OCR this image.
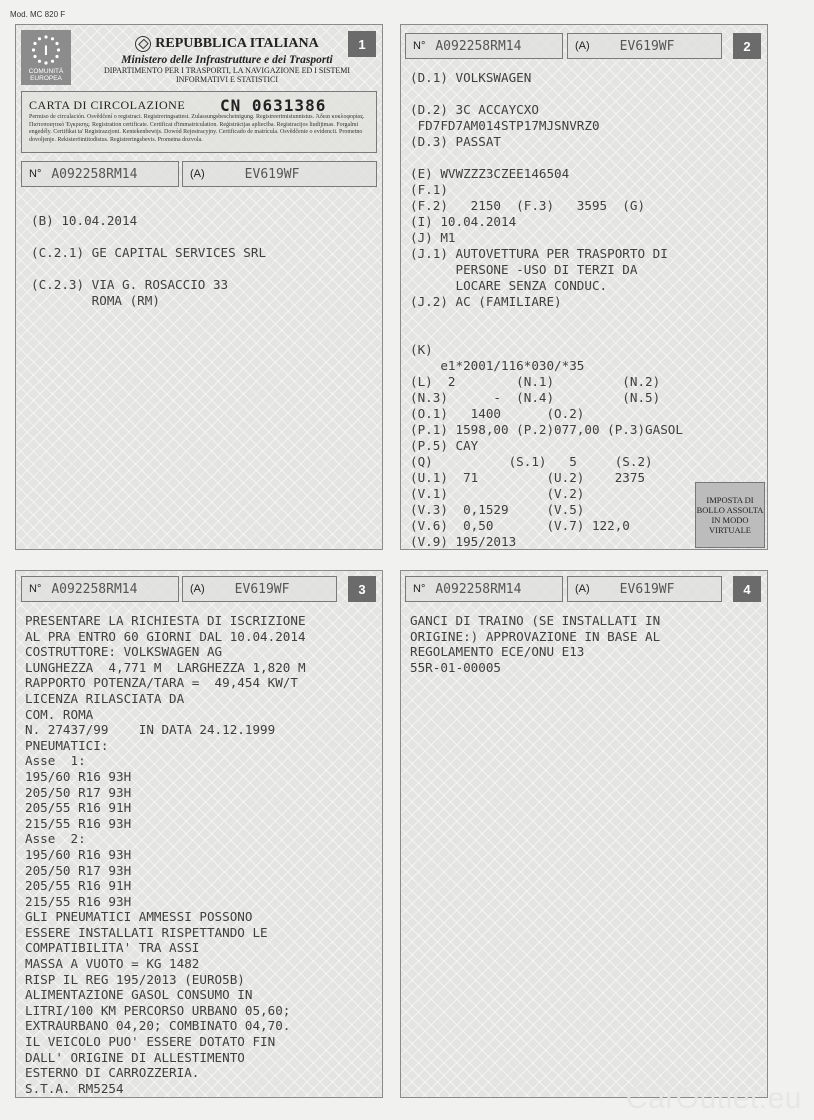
Mod. MC 820 F
I
COMUNITÀ EUROPEA
REPUBBLICA ITALIANA
Ministero delle Infrastrutture e dei Trasporti
DIPARTIMENTO PER I TRASPORTI, LA NAVIGAZIONE ED I SISTEMI INFORMATIVI E STATISTICI
1
CARTA DI CIRCOLAZIONE CN 0631386
Permiso de circulación. Osvědčení o registraci. Registreringsattest. Zulassungsbescheinigung. Registreerimistunnistus. Άδεια κυκλοφορίας. Πιστοποιητικό Έγκρισης. Registration certificate. Certificat d'immatriculation. Reģistrācijas apliecība. Registracijos liudijimas. Forgalmi engedély. Certifikat ta' Registrazzjoni. Kentekenbewijs. Dowód Rejestracyjny. Certificado de matrícula. Osvědčenie o evidencii. Prometno dovoljenje. Rekisteröintitodistus. Registreringsbevis. Prometna dozvola.
N° A092258RM14	(A)	EV619WF
(B) 10.04.2014

(C.2.1) GE CAPITAL SERVICES SRL

(C.2.3) VIA G. ROSACCIO 33
ROMA (RM)
N° A092258RM14	(A) EV619WF	2
(D.1) VOLKSWAGEN

(D.2) 3C ACCAYCXO
FD7FD7AM014STP17MJSNVRZ0
(D.3) PASSAT

(E) WVWZZZ3CZEE146504
(F.1)
(F.2)   2150  (F.3)   3595  (G)
(I) 10.04.2014
(J) M1
(J.1) AUTOVETTURA PER TRASPORTO DI
PERSONE -USO DI TERZI DA
LOCARE SENZA CONDUC.
(J.2) AC (FAMILIARE)

(K)
e1*2001/116*030/*35
(L)  2        (N.1)         (N.2)
(N.3)      -  (N.4)         (N.5)
(O.1)   1400      (O.2)
(P.1) 1598,00 (P.2)077,00 (P.3)GASOL
(P.5) CAY
(Q)          (S.1)   5     (S.2)
(U.1)  71         (U.2)    2375
(V.1)             (V.2)
(V.3)  0,1529     (V.5)
(V.6)  0,50       (V.7) 122,0
(V.9) 195/2013
IMPOSTA DI BOLLO ASSOLTA IN MODO VIRTUALE
N° A092258RM14	(A) EV619WF	3
PRESENTARE LA RICHIESTA DI ISCRIZIONE
AL PRA ENTRO 60 GIORNI DAL 10.04.2014
COSTRUTTORE: VOLKSWAGEN AG
LUNGHEZZA  4,771 M  LARGHEZZA 1,820 M
RAPPORTO POTENZA/TARA =  49,454 KW/T
LICENZA RILASCIATA DA
COM. ROMA
N. 27437/99    IN DATA 24.12.1999
PNEUMATICI:
Asse  1:
195/60 R16 93H
205/50 R17 93H
205/55 R16 91H
215/55 R16 93H
Asse  2:
195/60 R16 93H
205/50 R17 93H
205/55 R16 91H
215/55 R16 93H
GLI PNEUMATICI AMMESSI POSSONO
ESSERE INSTALLATI RISPETTANDO LE
COMPATIBILITA' TRA ASSI
MASSA A VUOTO = KG 1482
RISP IL REG 195/2013 (EURO5B)
ALIMENTAZIONE GASOL CONSUMO IN
LITRI/100 KM PERCORSO URBANO 05,60;
EXTRAURBANO 04,20; COMBINATO 04,70.
IL VEICOLO PUO' ESSERE DOTATO FIN
DALL' ORIGINE DI ALLESTIMENTO
ESTERNO DI CARROZZERIA.
S.T.A. RM5254
N° A092258RM14	(A) EV619WF	4
GANCI DI TRAINO (SE INSTALLATI IN
ORIGINE:) APPROVAZIONE IN BASE AL
REGOLAMENTO ECE/ONU E13
55R-01-00005
CarOutlet.eu
